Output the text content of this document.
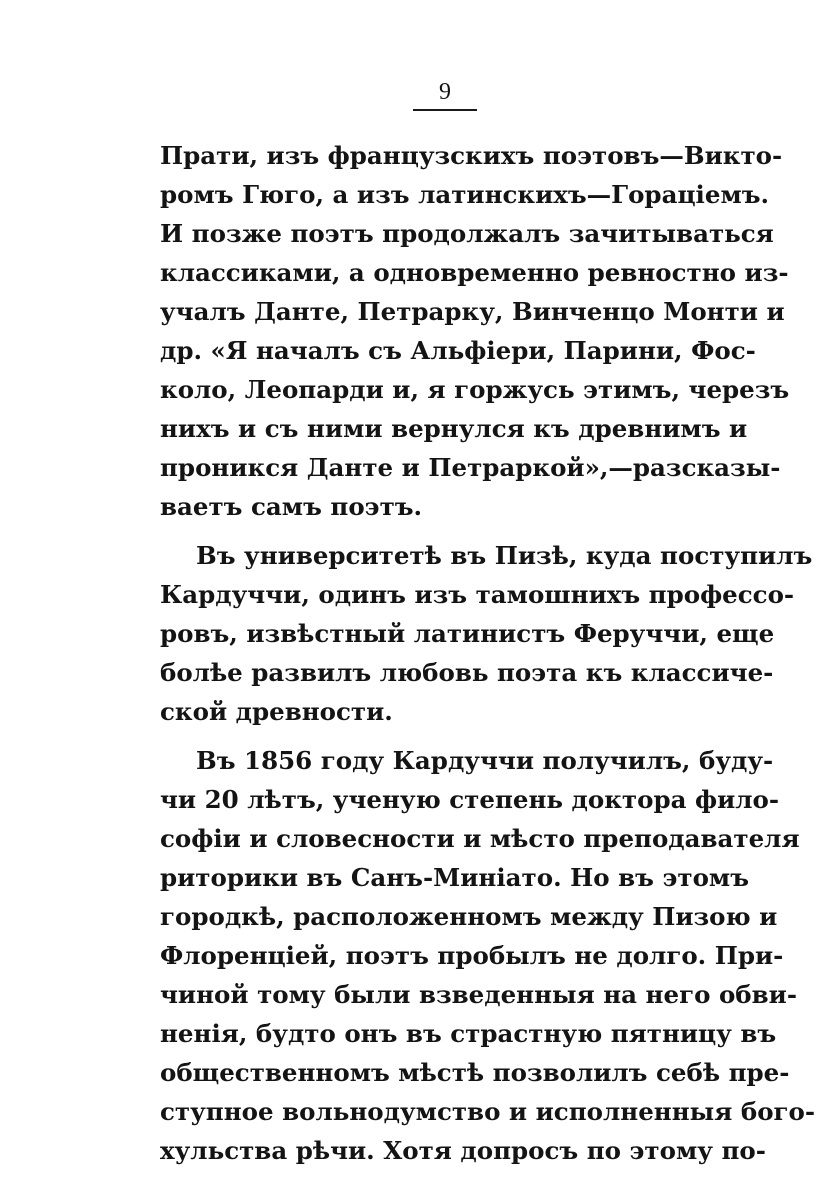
9
Прати, изъ французскихъ поэтовъ—Викто-
ромъ Гюго, а изъ латинскихъ—Гораціемъ.
И позже поэтъ продолжалъ зачитываться
классиками, а одновременно ревностно из-
учалъ Данте, Петрарку, Винченцо Монти и
др. «Я началъ съ Альфіери, Парини, Фос-
коло, Леопарди и, я горжусь этимъ, черезъ
нихъ и съ ними вернулся къ древнимъ и
проникся Данте и Петраркой»,—разсказы-
ваетъ самъ поэтъ.
Въ университетѣ въ Пизѣ, куда поступилъ
Кардуччи, одинъ изъ тамошнихъ профессо-
ровъ, извѣстный латинистъ Феруччи, еще
болѣе развилъ любовь поэта къ классиче-
ской древности.
Въ 1856 году Кардуччи получилъ, буду-
чи 20 лѣтъ, ученую степень доктора фило-
софіи и словесности и мѣсто преподавателя
риторики въ Санъ-Миніато. Но въ этомъ
городкѣ, расположенномъ между Пизою и
Флоренціей, поэтъ пробылъ не долго. При-
чиной тому были взведенныя на него обви-
ненія, будто онъ въ страстную пятницу въ
общественномъ мѣстѣ позволилъ себѣ пре-
ступное вольнодумство и исполненныя бого-
хульства рѣчи. Хотя допросъ по этому по-
